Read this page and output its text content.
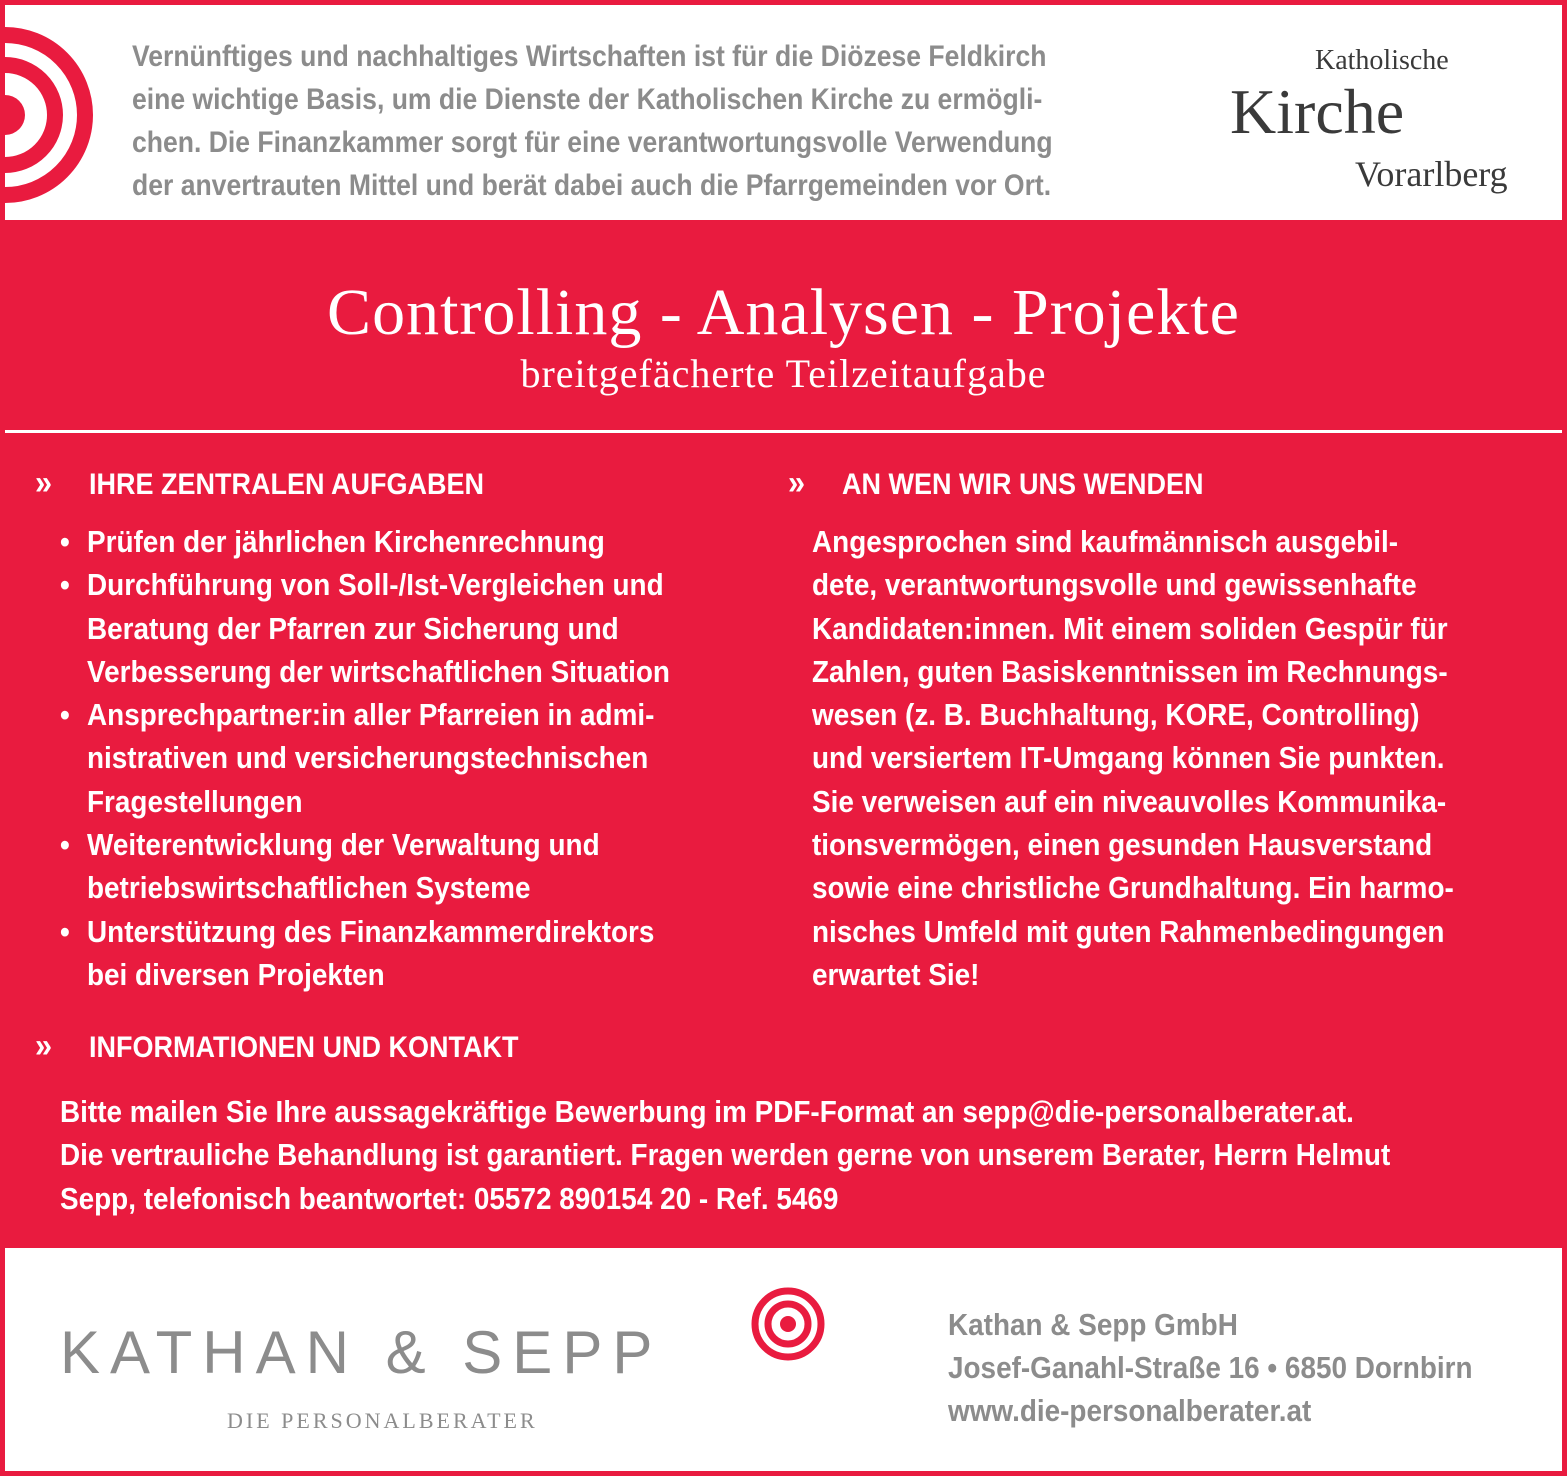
Vernünftiges und nachhaltiges Wirtschaften ist für die Diözese Feldkirch
eine wichtige Basis, um die Dienste der Katholischen Kirche zu ermögli-
chen. Die Finanzkammer sorgt für eine verantwortungsvolle Verwendung
der anvertrauten Mittel und berät dabei auch die Pfarrgemeinden vor Ort.
Katholische
Kirche
Vorarlberg
Controlling - Analysen - Projekte
breitgefächerte Teilzeitaufgabe
» IHRE ZENTRALEN AUFGABEN
• Prüfen der jährlichen Kirchenrechnung
• Durchführung von Soll-/Ist-Vergleichen und
Beratung der Pfarren zur Sicherung und
Verbesserung der wirtschaftlichen Situation
• Ansprechpartner:in aller Pfarreien in admi-
nistrativen und versicherungstechnischen
Fragestellungen
• Weiterentwicklung der Verwaltung und
betriebswirtschaftlichen Systeme
• Unterstützung des Finanzkammerdirektors
bei diversen Projekten
» AN WEN WIR UNS WENDEN
Angesprochen sind kaufmännisch ausgebil-
dete, verantwortungsvolle und gewissenhafte
Kandidaten:innen. Mit einem soliden Gespür für
Zahlen, guten Basiskenntnissen im Rechnungs-
wesen (z. B. Buchhaltung, KORE, Controlling)
und versiertem IT-Umgang können Sie punkten.
Sie verweisen auf ein niveauvolles Kommunika-
tionsvermögen, einen gesunden Hausverstand
sowie eine christliche Grundhaltung. Ein harmo-
nisches Umfeld mit guten Rahmenbedingungen
erwartet Sie!
» INFORMATIONEN UND KONTAKT
Bitte mailen Sie Ihre aussagekräftige Bewerbung im PDF-Format an sepp@die-personalberater.at.
Die vertrauliche Behandlung ist garantiert. Fragen werden gerne von unserem Berater, Herrn Helmut
Sepp, telefonisch beantwortet: 05572 890154 20 - Ref. 5469
KATHAN & SEPP
DIE PERSONALBERATER
Kathan & Sepp GmbH
Josef-Ganahl-Straße 16 • 6850 Dornbirn
www.die-personalberater.at
